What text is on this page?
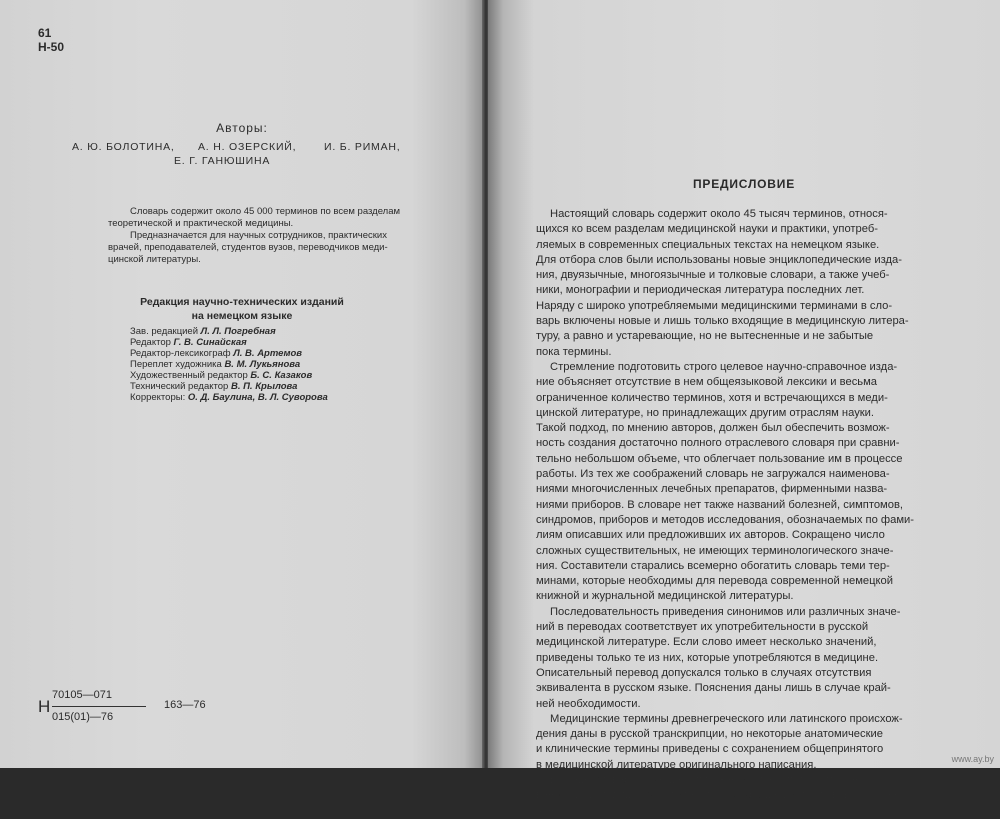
61
Н-50
Авторы:
А. Ю. БОЛОТИНА, А. Н. ОЗЕРСКИЙ,	И. Б. РИМАН,
Е. Г. ГАНЮШИНА
Словарь содержит около 45 000 терминов по всем разделам
теоретической и практической медицины.
Предназначается для научных сотрудников, практических
врачей, преподавателей, студентов вузов, переводчиков меди-
цинской литературы.
Редакция научно-технических изданий
на немецком языке
Зав. редакцией Л. Л. Погребная
Редактор Г. В. Синайская
Редактор-лексикограф Л. В. Артемов
Переплет художника В. М. Лукьянова
Художественный редактор Б. С. Казаков
Технический редактор В. П. Крылова
Корректоры: О. Д. Баулина, В. Л. Суворова
Н
70105—071
015(01)—76
163—76
ПРЕДИСЛОВИЕ
Настоящий словарь содержит около 45 тысяч терминов, относя-
щихся ко всем разделам медицинской науки и практики, употреб-
ляемых в современных специальных текстах на немецком языке.
Для отбора слов были использованы новые энциклопедические изда-
ния, двуязычные, многоязычные и толковые словари, а также учеб-
ники, монографии и периодическая литература последних лет.
Наряду с широко употребляемыми медицинскими терминами в сло-
варь включены новые и лишь только входящие в медицинскую литера-
туру, а равно и устаревающие, но не вытесненные и не забытые
пока термины.
Стремление подготовить строго целевое научно-справочное изда-
ние объясняет отсутствие в нем общеязыковой лексики и весьма
ограниченное количество терминов, хотя и встречающихся в меди-
цинской литературе, но принадлежащих другим отраслям науки.
Такой подход, по мнению авторов, должен был обеспечить возмож-
ность создания достаточно полного отраслевого словаря при сравни-
тельно небольшом объеме, что облегчает пользование им в процессе
работы. Из тех же соображений словарь не загружался наименова-
ниями многочисленных лечебных препаратов, фирменными назва-
ниями приборов. В словаре нет также названий болезней, симптомов,
синдромов, приборов и методов исследования, обозначаемых по фами-
лиям описавших или предложивших их авторов. Сокращено число
сложных существительных, не имеющих терминологического значе-
ния. Составители старались всемерно обогатить словарь теми тер-
минами, которые необходимы для перевода современной немецкой
книжной и журнальной медицинской литературы.
Последовательность приведения синонимов или различных значе-
ний в переводах соответствует их употребительности в русской
медицинской литературе. Если слово имеет несколько значений,
приведены только те из них, которые употребляются в медицине.
Описательный перевод допускался только в случаях отсутствия
эквивалента в русском языке. Пояснения даны лишь в случае край-
ней необходимости.
Медицинские термины древнегреческого или латинского происхож-
дения даны в русской транскрипции, но некоторые анатомические
и клинические термины приведены с сохранением общепринятого
в медицинской литературе оригинального написания.
В конце словаря помещен список наиболее употребительных
в немецкой медицинской литературе сокращений и условных обозна-
чений.
www.ay.by
